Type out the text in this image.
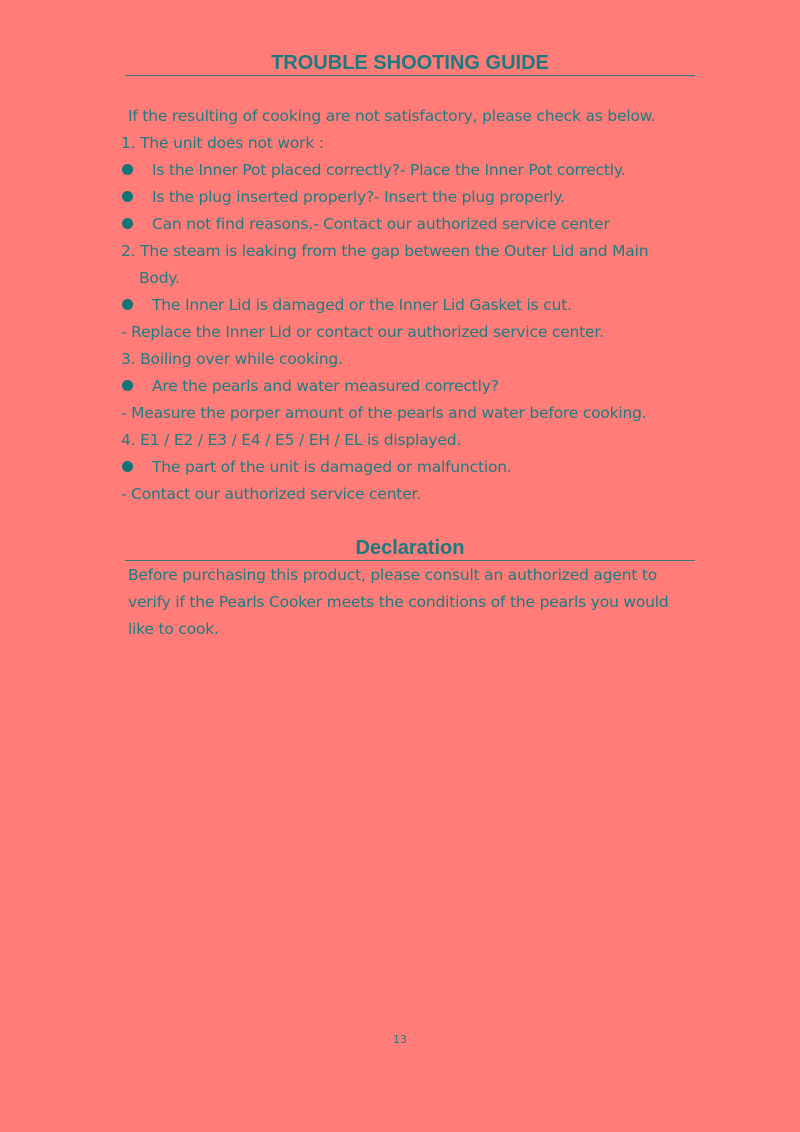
TROUBLE SHOOTING GUIDE
If the resulting of cooking are not satisfactory, please check as below.
1. The unit does not work :
Is the Inner Pot placed correctly?- Place the Inner Pot correctly.
Is the plug inserted properly?- Insert the plug properly.
Can not find reasons.- Contact our authorized service center
2. The steam is leaking from the gap between the Outer Lid and Main
Body.
The Inner Lid is damaged or the Inner Lid Gasket is cut.
- Replace the Inner Lid or contact our authorized service center.
3. Boiling over while cooking.
Are the pearls and water measured correctly?
- Measure the porper amount of the pearls and water before cooking.
4. E1 / E2 / E3 / E4 / E5 / EH / EL is displayed.
The part of the unit is damaged or malfunction.
- Contact our authorized service center.
Declaration
Before purchasing this product, please consult an authorized agent to
verify if the Pearls Cooker meets the conditions of the pearls you would
like to cook.
13
